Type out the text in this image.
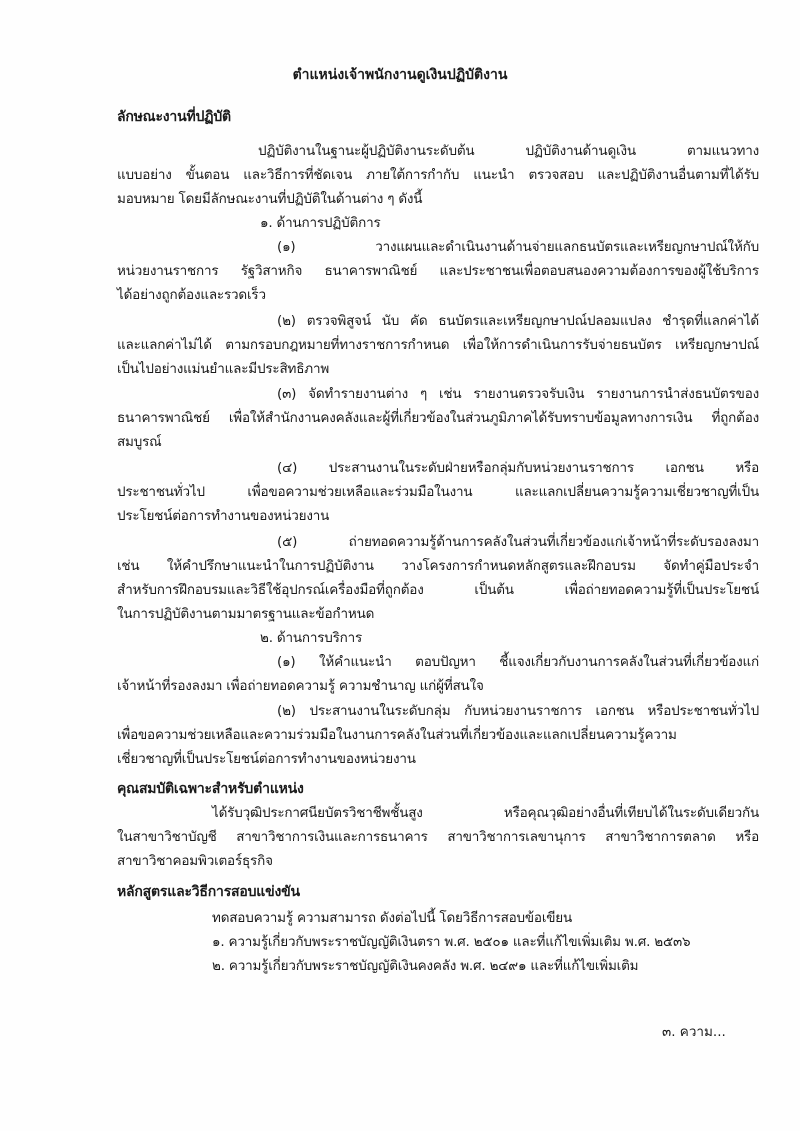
ตำแหน่งเจ้าพนักงานดูเงินปฏิบัติงาน
ลักษณะงานที่ปฏิบัติ
ปฏิบัติงานในฐานะผู้ปฏิบัติงานระดับต้น ปฏิบัติงานด้านดูเงิน ตามแนวทาง
แบบอย่าง ขั้นตอน และวิธีการที่ชัดเจน ภายใต้การกำกับ แนะนำ ตรวจสอบ และปฏิบัติงานอื่นตามที่ได้รับ
มอบหมาย โดยมีลักษณะงานที่ปฏิบัติในด้านต่าง ๆ ดังนี้
๑. ด้านการปฏิบัติการ
(๑) วางแผนและดำเนินงานด้านจ่ายแลกธนบัตรและเหรียญกษาปณ์ให้กับ
หน่วยงานราชการ รัฐวิสาหกิจ ธนาคารพาณิชย์ และประชาชนเพื่อตอบสนองความต้องการของผู้ใช้บริการ
ได้อย่างถูกต้องและรวดเร็ว
(๒) ตรวจพิสูจน์ นับ คัด ธนบัตรและเหรียญกษาปณ์ปลอมแปลง ชำรุดที่แลกค่าได้
และแลกค่าไม่ได้ ตามกรอบกฎหมายที่ทางราชการกำหนด เพื่อให้การดำเนินการรับจ่ายธนบัตร เหรียญกษาปณ์
เป็นไปอย่างแม่นยำและมีประสิทธิภาพ
(๓) จัดทำรายงานต่าง ๆ เช่น รายงานตรวจรับเงิน รายงานการนำส่งธนบัตรของ
ธนาคารพาณิชย์ เพื่อให้สำนักงานคงคลังและผู้ที่เกี่ยวข้องในส่วนภูมิภาคได้รับทราบข้อมูลทางการเงิน ที่ถูกต้อง
สมบูรณ์
(๔) ประสานงานในระดับฝ่ายหรือกลุ่มกับหน่วยงานราชการ เอกชน หรือ
ประชาชนทั่วไป เพื่อขอความช่วยเหลือและร่วมมือในงาน และแลกเปลี่ยนความรู้ความเชี่ยวชาญที่เป็น
ประโยชน์ต่อการทำงานของหน่วยงาน
(๕) ถ่ายทอดความรู้ด้านการคลังในส่วนที่เกี่ยวข้องแก่เจ้าหน้าที่ระดับรองลงมา
เช่น ให้คำปรึกษาแนะนำในการปฏิบัติงาน วางโครงการกำหนดหลักสูตรและฝึกอบรม จัดทำคู่มือประจำ
สำหรับการฝึกอบรมและวิธีใช้อุปกรณ์เครื่องมือที่ถูกต้อง เป็นต้น เพื่อถ่ายทอดความรู้ที่เป็นประโยชน์
ในการปฏิบัติงานตามมาตรฐานและข้อกำหนด
๒. ด้านการบริการ
(๑) ให้คำแนะนำ ตอบปัญหา ชี้แจงเกี่ยวกับงานการคลังในส่วนที่เกี่ยวข้องแก่
เจ้าหน้าที่รองลงมา เพื่อถ่ายทอดความรู้ ความชำนาญ แก่ผู้ที่สนใจ
(๒) ประสานงานในระดับกลุ่ม กับหน่วยงานราชการ เอกชน หรือประชาชนทั่วไป
เพื่อขอความช่วยเหลือและความร่วมมือในงานการคลังในส่วนที่เกี่ยวข้องและแลกเปลี่ยนความรู้ความ
เชี่ยวชาญที่เป็นประโยชน์ต่อการทำงานของหน่วยงาน
คุณสมบัติเฉพาะสำหรับตำแหน่ง
ได้รับวุฒิประกาศนียบัตรวิชาชีพชั้นสูง หรือคุณวุฒิอย่างอื่นที่เทียบได้ในระดับเดียวกัน
ในสาขาวิชาบัญชี สาขาวิชาการเงินและการธนาคาร สาขาวิชาการเลขานุการ สาขาวิชาการตลาด หรือ
สาขาวิชาคอมพิวเตอร์ธุรกิจ
หลักสูตรและวิธีการสอบแข่งขัน
ทดสอบความรู้ ความสามารถ ดังต่อไปนี้ โดยวิธีการสอบข้อเขียน
๑. ความรู้เกี่ยวกับพระราชบัญญัติเงินตรา พ.ศ. ๒๕๐๑ และที่แก้ไขเพิ่มเติม พ.ศ. ๒๕๓๖
๒. ความรู้เกี่ยวกับพระราชบัญญัติเงินคงคลัง พ.ศ. ๒๔๙๑ และที่แก้ไขเพิ่มเติม
๓. ความ...
